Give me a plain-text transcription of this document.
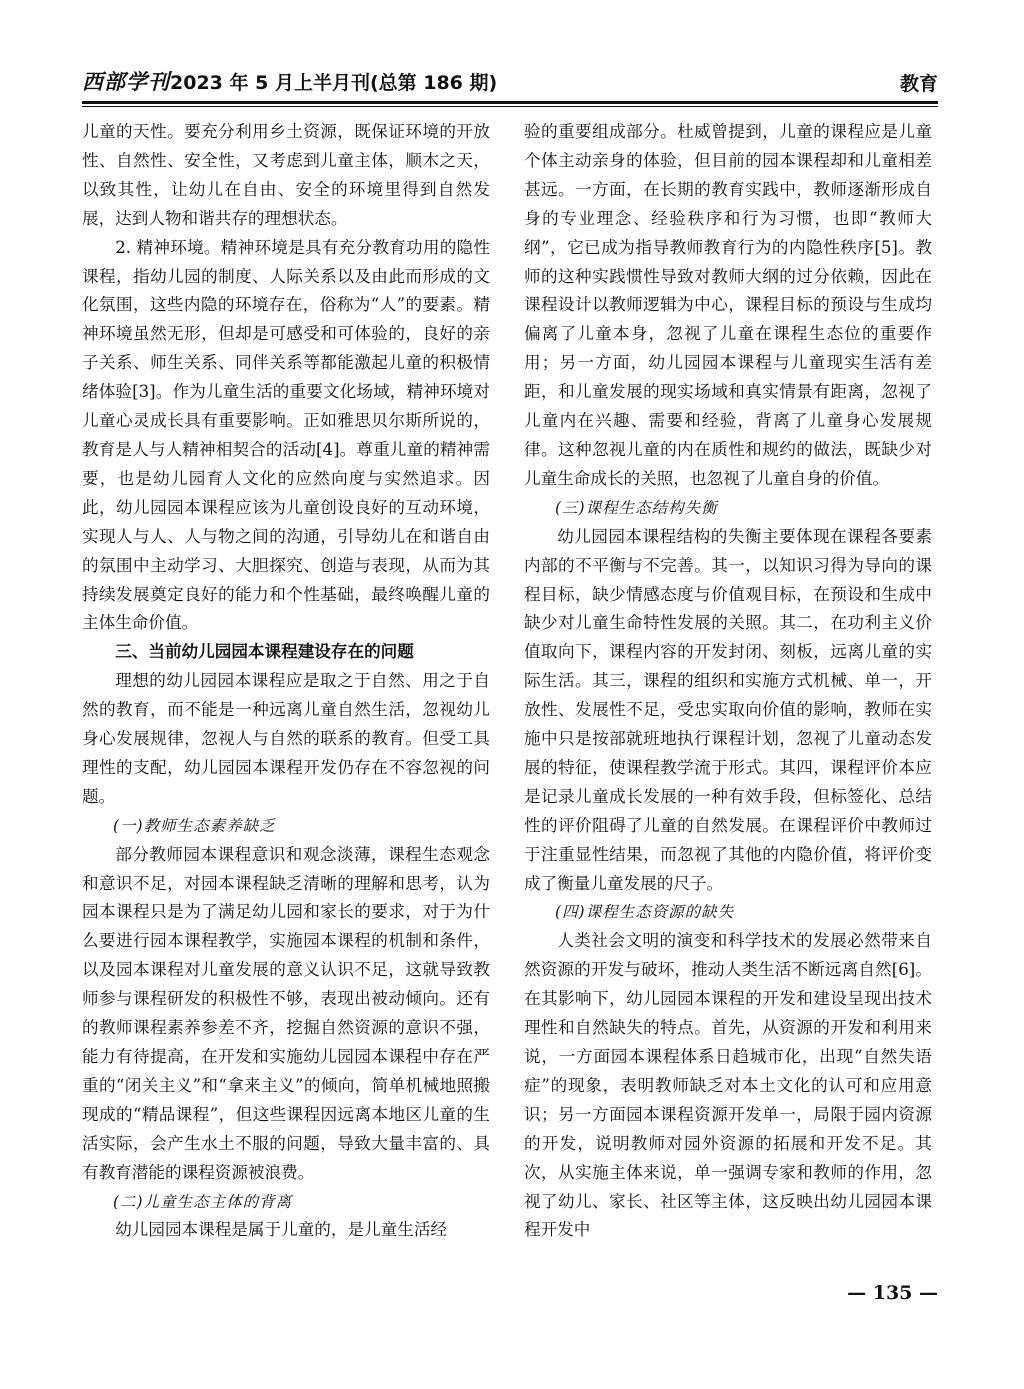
西部学刊2023 年 5 月上半月刊(总第 186 期)	教育

儿童的天性。要充分利用乡土资源，既保证环境的开放性、自然性、安全性，又考虑到儿童主体，顺木之天，以致其性，让幼儿在自由、安全的环境里得到自然发展，达到人物和谐共存的理想状态。

2. 精神环境。精神环境是具有充分教育功用的隐性课程，指幼儿园的制度、人际关系以及由此而形成的文化氛围，这些内隐的环境存在，俗称为“人”的要素。精神环境虽然无形，但却是可感受和可体验的，良好的亲子关系、师生关系、同伴关系等都能激起儿童的积极情绪体验[3]。作为儿童生活的重要文化场域，精神环境对儿童心灵成长具有重要影响。正如雅思贝尔斯所说的，教育是人与人精神相契合的活动[4]。尊重儿童的精神需要，也是幼儿园育人文化的应然向度与实然追求。因此，幼儿园园本课程应该为儿童创设良好的互动环境，实现人与人、人与物之间的沟通，引导幼儿在和谐自由的氛围中主动学习、大胆探究、创造与表现，从而为其持续发展奠定良好的能力和个性基础，最终唤醒儿童的主体生命价值。

三、当前幼儿园园本课程建设存在的问题

理想的幼儿园园本课程应是取之于自然、用之于自然的教育，而不能是一种远离儿童自然生活，忽视幼儿身心发展规律，忽视人与自然的联系的教育。但受工具理性的支配，幼儿园园本课程开发仍存在不容忽视的问题。

(一)教师生态素养缺乏

部分教师园本课程意识和观念淡薄，课程生态观念和意识不足，对园本课程缺乏清晰的理解和思考，认为园本课程只是为了满足幼儿园和家长的要求，对于为什么要进行园本课程教学，实施园本课程的机制和条件，以及园本课程对儿童发展的意义认识不足，这就导致教师参与课程研发的积极性不够，表现出被动倾向。还有的教师课程素养参差不齐，挖掘自然资源的意识不强，能力有待提高，在开发和实施幼儿园园本课程中存在严重的“闭关主义”和“拿来主义”的倾向，简单机械地照搬现成的“精品课程”，但这些课程因远离本地区儿童的生活实际，会产生水土不服的问题，导致大量丰富的、具有教育潜能的课程资源被浪费。

(二)儿童生态主体的背离

幼儿园园本课程是属于儿童的，是儿童生活经

验的重要组成部分。杜威曾提到，儿童的课程应是儿童个体主动亲身的体验，但目前的园本课程却和儿童相差甚远。一方面，在长期的教育实践中，教师逐渐形成自身的专业理念、经验秩序和行为习惯，也即“教师大纲”，它已成为指导教师教育行为的内隐性秩序[5]。教师的这种实践惯性导致对教师大纲的过分依赖，因此在课程设计以教师逻辑为中心，课程目标的预设与生成均偏离了儿童本身，忽视了儿童在课程生态位的重要作用；另一方面，幼儿园园本课程与儿童现实生活有差距，和儿童发展的现实场域和真实情景有距离，忽视了儿童内在兴趣、需要和经验，背离了儿童身心发展规律。这种忽视儿童的内在质性和规约的做法，既缺少对儿童生命成长的关照，也忽视了儿童自身的价值。

(三)课程生态结构失衡

幼儿园园本课程结构的失衡主要体现在课程各要素内部的不平衡与不完善。其一，以知识习得为导向的课程目标，缺少情感态度与价值观目标，在预设和生成中缺少对儿童生命特性发展的关照。其二，在功利主义价值取向下，课程内容的开发封闭、刻板，远离儿童的实际生活。其三，课程的组织和实施方式机械、单一，开放性、发展性不足，受忠实取向价值的影响，教师在实施中只是按部就班地执行课程计划，忽视了儿童动态发展的特征，使课程教学流于形式。其四，课程评价本应是记录儿童成长发展的一种有效手段，但标签化、总结性的评价阻碍了儿童的自然发展。在课程评价中教师过于注重显性结果，而忽视了其他的内隐价值，将评价变成了衡量儿童发展的尺子。

(四)课程生态资源的缺失

人类社会文明的演变和科学技术的发展必然带来自然资源的开发与破坏，推动人类生活不断远离自然[6]。在其影响下，幼儿园园本课程的开发和建设呈现出技术理性和自然缺失的特点。首先，从资源的开发和利用来说，一方面园本课程体系日趋城市化，出现“自然失语症”的现象，表明教师缺乏对本土文化的认可和应用意识；另一方面园本课程资源开发单一，局限于园内资源的开发，说明教师对园外资源的拓展和开发不足。其次，从实施主体来说，单一强调专家和教师的作用，忽视了幼儿、家长、社区等主体，这反映出幼儿园园本课程开发中

— 135 —
